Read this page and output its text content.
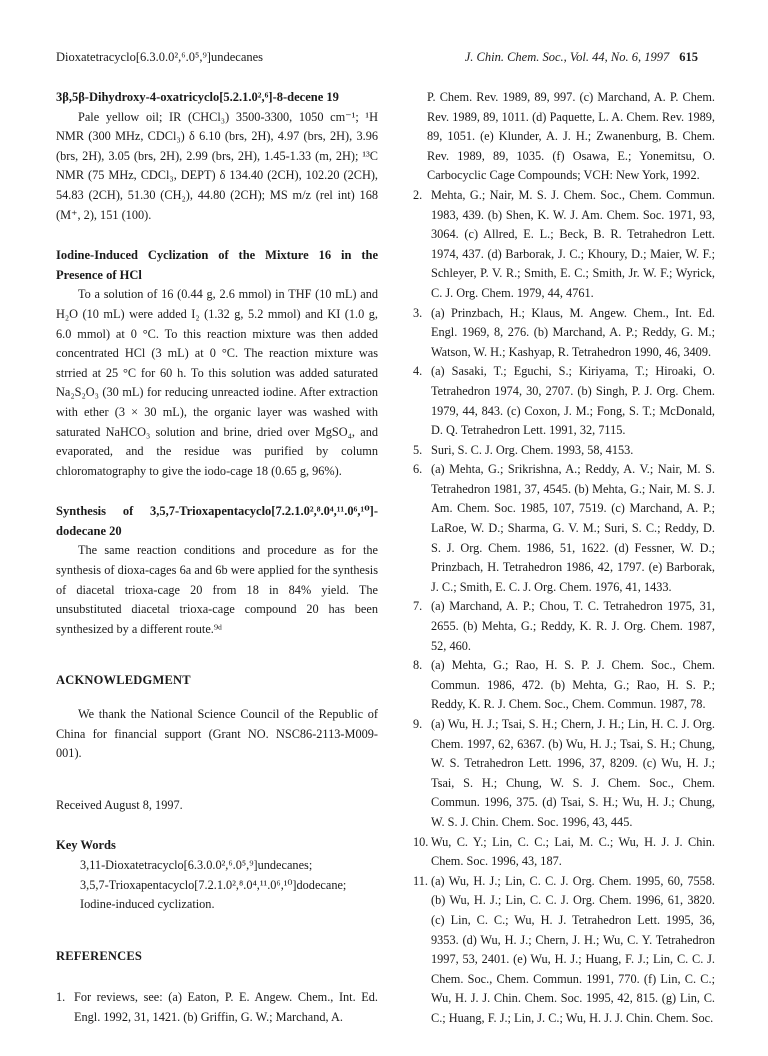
Dioxatetracyclo[6.3.0.0²,⁶.0⁵,⁹]undecanes	J. Chin. Chem. Soc., Vol. 44, No. 6, 1997 615

3β,5β-Dihydroxy-4-oxatricyclo[5.2.1.0²,⁶]-8-decene 19

Pale yellow oil; IR (CHCl₃) 3500-3300, 1050 cm⁻¹; ¹H NMR (300 MHz, CDCl₃) δ 6.10 (brs, 2H), 4.97 (brs, 2H), 3.96 (brs, 2H), 3.05 (brs, 2H), 2.99 (brs, 2H), 1.45-1.33 (m, 2H); ¹³C NMR (75 MHz, CDCl₃, DEPT) δ 134.40 (2CH), 102.20 (2CH), 54.83 (2CH), 51.30 (CH₂), 44.80 (2CH); MS m/z (rel int) 168 (M⁺, 2), 151 (100).

Iodine-Induced Cyclization of the Mixture 16 in the Presence of HCl

To a solution of 16 (0.44 g, 2.6 mmol) in THF (10 mL) and H₂O (10 mL) were added I₂ (1.32 g, 5.2 mmol) and KI (1.0 g, 6.0 mmol) at 0 °C. To this reaction mixture was then added concentrated HCl (3 mL) at 0 °C. The reaction mixture was strried at 25 °C for 60 h. To this solution was added saturated Na₂S₂O₃ (30 mL) for reducing unreacted iodine. After extraction with ether (3 × 30 mL), the organic layer was washed with saturated NaHCO₃ solution and brine, dried over MgSO₄, and evaporated, and the residue was purified by column chloromatography to give the iodo-cage 18 (0.65 g, 96%).

Synthesis of 3,5,7-Trioxapentacyclo[7.2.1.0²,⁸.0⁴,¹¹.0⁶,¹⁰]-dodecane 20

The same reaction conditions and procedure as for the synthesis of dioxa-cages 6a and 6b were applied for the synthesis of diacetal trioxa-cage 20 from 18 in 84% yield. The unsubstituted diacetal trioxa-cage compound 20 has been synthesized by a different route.⁹ᵈ

ACKNOWLEDGMENT

We thank the National Science Council of the Republic of China for financial support (Grant NO. NSC86-2113-M009-001).

Received August 8, 1997.

Key Words

3,11-Dioxatetracyclo[6.3.0.0²,⁶.0⁵,⁹]undecanes;

3,5,7-Trioxapentacyclo[7.2.1.0²,⁸.0⁴,¹¹.0⁶,¹⁰]dodecane; Iodine-induced cyclization.

REFERENCES

1. For reviews, see: (a) Eaton, P. E. Angew. Chem., Int. Ed. Engl. 1992, 31, 1421. (b) Griffin, G. W.; Marchand, A.
P. Chem. Rev. 1989, 89, 997. (c) Marchand, A. P. Chem. Rev. 1989, 89, 1011. (d) Paquette, L. A. Chem. Rev. 1989, 89, 1051. (e) Klunder, A. J. H.; Zwanenburg, B. Chem. Rev. 1989, 89, 1035. (f) Osawa, E.; Yonemitsu, O. Carbocyclic Cage Compounds; VCH: New York, 1992.
2. Mehta, G.; Nair, M. S. J. Chem. Soc., Chem. Commun. 1983, 439. (b) Shen, K. W. J. Am. Chem. Soc. 1971, 93, 3064. (c) Allred, E. L.; Beck, B. R. Tetrahedron Lett. 1974, 437. (d) Barborak, J. C.; Khoury, D.; Maier, W. F.; Schleyer, P. V. R.; Smith, E. C.; Smith, Jr. W. F.; Wyrick, C. J. Org. Chem. 1979, 44, 4761.
3. (a) Prinzbach, H.; Klaus, M. Angew. Chem., Int. Ed. Engl. 1969, 8, 276. (b) Marchand, A. P.; Reddy, G. M.; Watson, W. H.; Kashyap, R. Tetrahedron 1990, 46, 3409.
4. (a) Sasaki, T.; Eguchi, S.; Kiriyama, T.; Hiroaki, O. Tetrahedron 1974, 30, 2707. (b) Singh, P. J. Org. Chem. 1979, 44, 843. (c) Coxon, J. M.; Fong, S. T.; McDonald, D. Q. Tetrahedron Lett. 1991, 32, 7115.
5. Suri, S. C. J. Org. Chem. 1993, 58, 4153.
6. (a) Mehta, G.; Srikrishna, A.; Reddy, A. V.; Nair, M. S. Tetrahedron 1981, 37, 4545. (b) Mehta, G.; Nair, M. S. J. Am. Chem. Soc. 1985, 107, 7519. (c) Marchand, A. P.; LaRoe, W. D.; Sharma, G. V. M.; Suri, S. C.; Reddy, D. S. J. Org. Chem. 1986, 51, 1622. (d) Fessner, W. D.; Prinzbach, H. Tetrahedron 1986, 42, 1797. (e) Barborak, J. C.; Smith, E. C. J. Org. Chem. 1976, 41, 1433.
7. (a) Marchand, A. P.; Chou, T. C. Tetrahedron 1975, 31, 2655. (b) Mehta, G.; Reddy, K. R. J. Org. Chem. 1987, 52, 460.
8. (a) Mehta, G.; Rao, H. S. P. J. Chem. Soc., Chem. Commun. 1986, 472. (b) Mehta, G.; Rao, H. S. P.; Reddy, K. R. J. Chem. Soc., Chem. Commun. 1987, 78.
9. (a) Wu, H. J.; Tsai, S. H.; Chern, J. H.; Lin, H. C. J. Org. Chem. 1997, 62, 6367. (b) Wu, H. J.; Tsai, S. H.; Chung, W. S. Tetrahedron Lett. 1996, 37, 8209. (c) Wu, H. J.; Tsai, S. H.; Chung, W. S. J. Chem. Soc., Chem. Commun. 1996, 375. (d) Tsai, S. H.; Wu, H. J.; Chung, W. S. J. Chin. Chem. Soc. 1996, 43, 445.
10. Wu, C. Y.; Lin, C. C.; Lai, M. C.; Wu, H. J. J. Chin. Chem. Soc. 1996, 43, 187.
11. (a) Wu, H. J.; Lin, C. C. J. Org. Chem. 1995, 60, 7558. (b) Wu, H. J.; Lin, C. C. J. Org. Chem. 1996, 61, 3820. (c) Lin, C. C.; Wu, H. J. Tetrahedron Lett. 1995, 36, 9353. (d) Wu, H. J.; Chern, J. H.; Wu, C. Y. Tetrahedron 1997, 53, 2401. (e) Wu, H. J.; Huang, F. J.; Lin, C. C. J. Chem. Soc., Chem. Commun. 1991, 770. (f) Lin, C. C.; Wu, H. J. J. Chin. Chem. Soc. 1995, 42, 815. (g) Lin, C. C.; Huang, F. J.; Lin, J. C.; Wu, H. J. J. Chin. Chem. Soc.
